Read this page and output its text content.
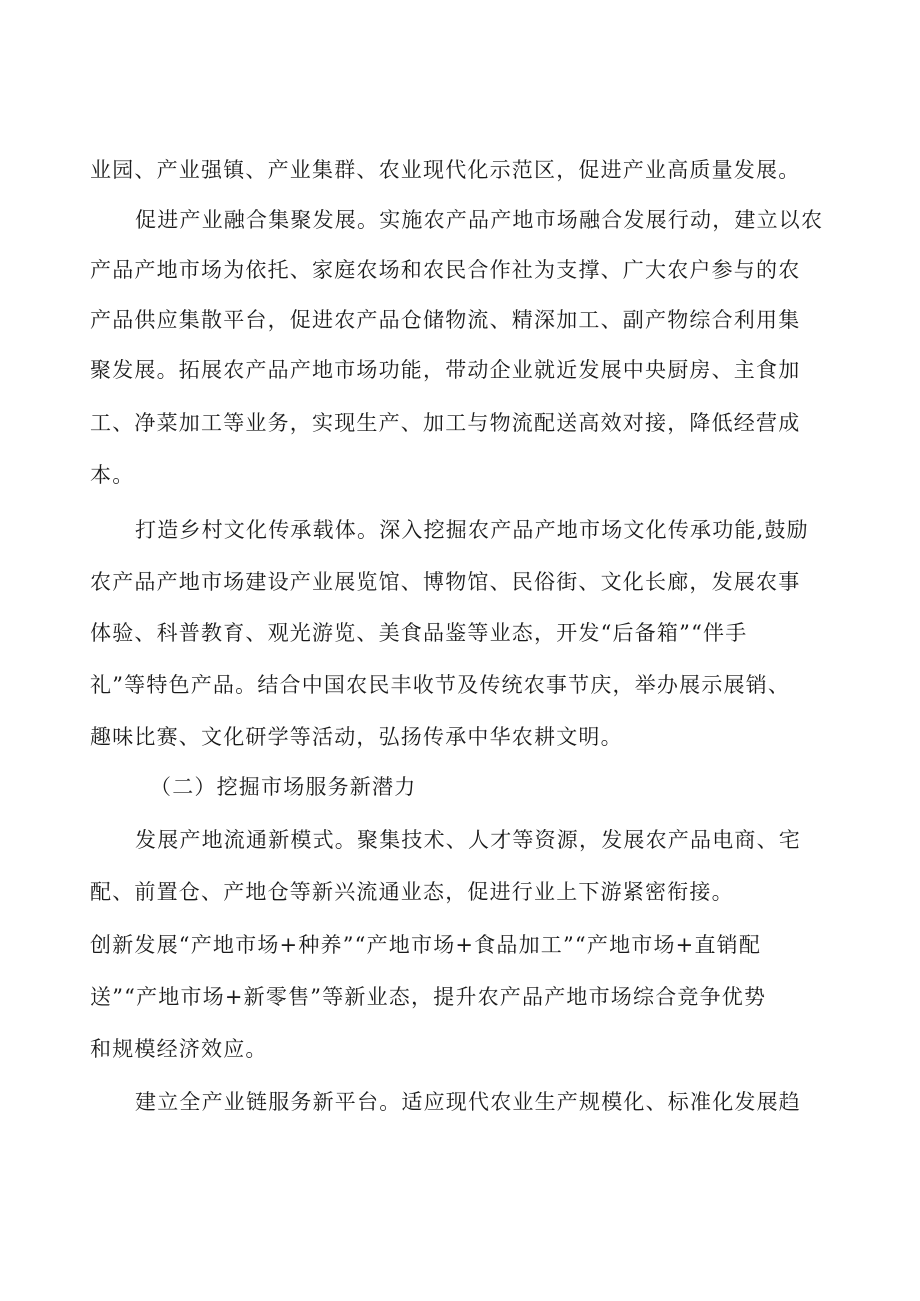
业园、产业强镇、产业集群、农业现代化示范区，促进产业高质量发展。
促进产业融合集聚发展。实施农产品产地市场融合发展行动，建立以农
产品产地市场为依托、家庭农场和农民合作社为支撑、广大农户参与的农
产品供应集散平台，促进农产品仓储物流、精深加工、副产物综合利用集
聚发展。拓展农产品产地市场功能，带动企业就近发展中央厨房、主食加
工、净菜加工等业务，实现生产、加工与物流配送高效对接，降低经营成
本。
打造乡村文化传承载体。深入挖掘农产品产地市场文化传承功能,鼓励
农产品产地市场建设产业展览馆、博物馆、民俗街、文化长廊，发展农事
体验、科普教育、观光游览、美食品鉴等业态，开发“后备箱”“伴手
礼”等特色产品。结合中国农民丰收节及传统农事节庆，举办展示展销、
趣味比赛、文化研学等活动，弘扬传承中华农耕文明。
（二）挖掘市场服务新潜力
发展产地流通新模式。聚集技术、人才等资源，发展农产品电商、宅
配、前置仓、产地仓等新兴流通业态，促进行业上下游紧密衔接。
创新发展“产地市场+种养”“产地市场+食品加工”“产地市场+直销配
送”“产地市场+新零售”等新业态，提升农产品产地市场综合竞争优势
和规模经济效应。
建立全产业链服务新平台。适应现代农业生产规模化、标准化发展趋
